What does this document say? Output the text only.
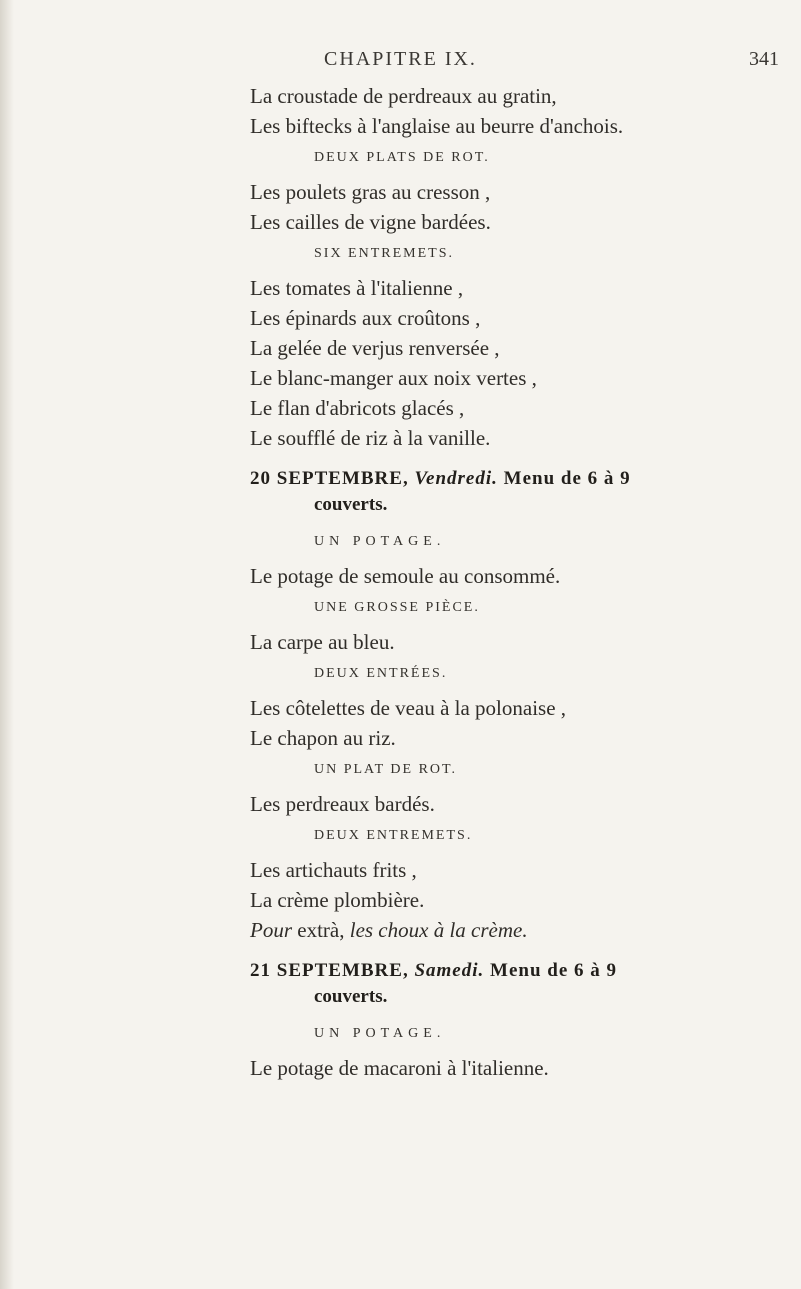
CHAPITRE IX.	341
La croustade de perdreaux au gratin,
Les biftecks à l'anglaise au beurre d'anchois.
DEUX PLATS DE ROT.
Les poulets gras au cresson ,
Les cailles de vigne bardées.
SIX ENTREMETS.
Les tomates à l'italienne ,
Les épinards aux croûtons ,
La gelée de verjus renversée ,
Le blanc-manger aux noix vertes ,
Le flan d'abricots glacés ,
Le soufflé de riz à la vanille.
20 SEPTEMBRE, Vendredi. Menu de 6 à 9
couverts.
UN POTAGE.
Le potage de semoule au consommé.
UNE GROSSE PIÈCE.
La carpe au bleu.
DEUX ENTRÉES.
Les côtelettes de veau à la polonaise ,
Le chapon au riz.
UN PLAT DE ROT.
Les perdreaux bardés.
DEUX ENTREMETS.
Les artichauts frits ,
La crème plombière.
Pour extrà, les choux à la crème.
21 SEPTEMBRE, Samedi. Menu de 6 à 9
couverts.
UN POTAGE.
Le potage de macaroni à l'italienne.
